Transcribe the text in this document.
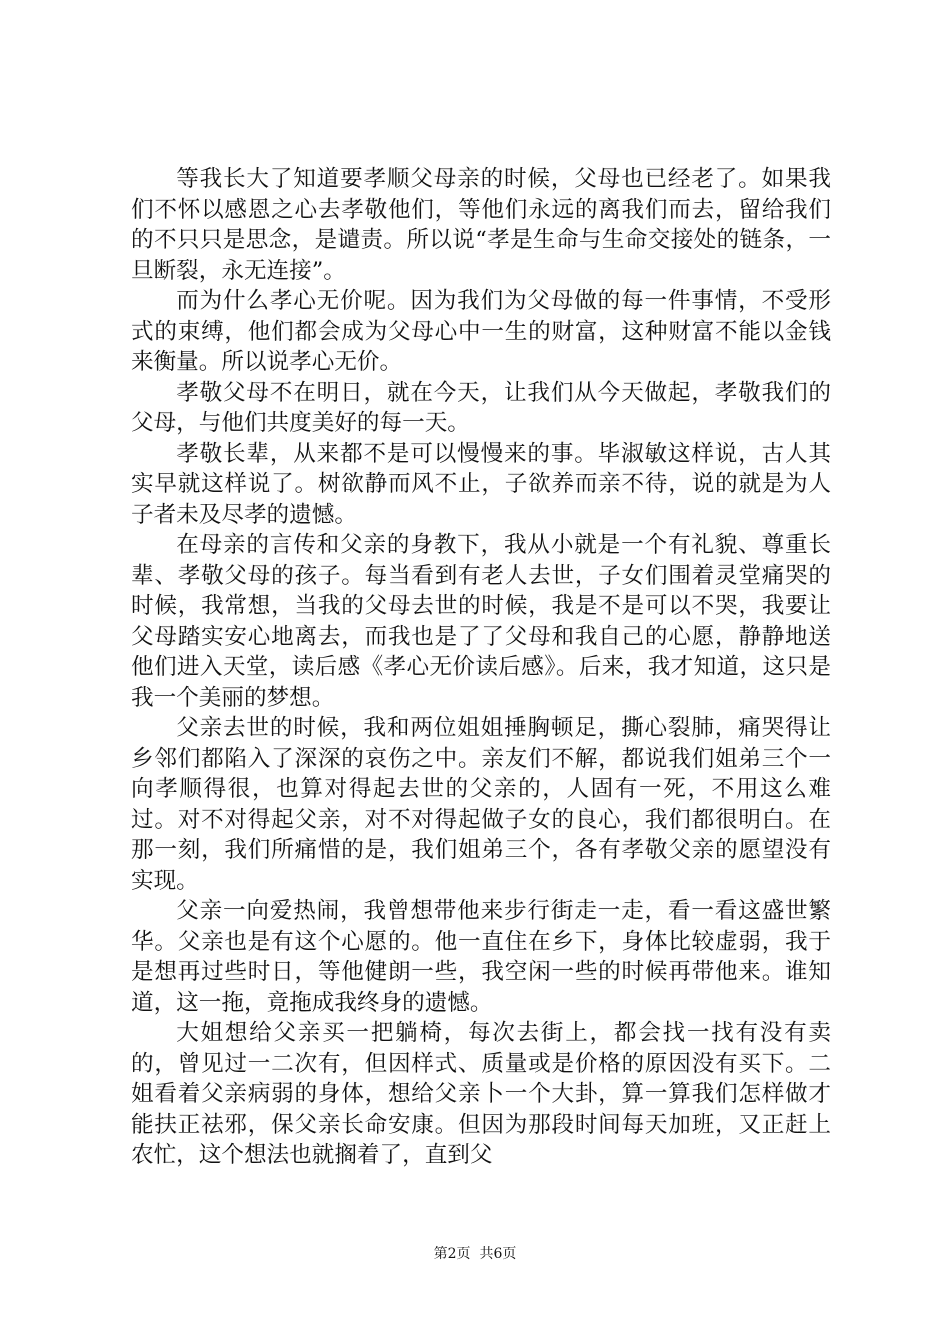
等我长大了知道要孝顺父母亲的时候，父母也已经老了。如果我们不怀以感恩之心去孝敬他们，等他们永远的离我们而去，留给我们的不只只是思念，是谴责。所以说“孝是生命与生命交接处的链条，一旦断裂，永无连接”。

而为什么孝心无价呢。因为我们为父母做的每一件事情，不受形式的束缚，他们都会成为父母心中一生的财富，这种财富不能以金钱来衡量。所以说孝心无价。

孝敬父母不在明日，就在今天，让我们从今天做起，孝敬我们的父母，与他们共度美好的每一天。

孝敬长辈，从来都不是可以慢慢来的事。毕淑敏这样说，古人其实早就这样说了。树欲静而风不止，子欲养而亲不待，说的就是为人子者未及尽孝的遗憾。

在母亲的言传和父亲的身教下，我从小就是一个有礼貌、尊重长辈、孝敬父母的孩子。每当看到有老人去世，子女们围着灵堂痛哭的时候，我常想，当我的父母去世的时候，我是不是可以不哭，我要让父母踏实安心地离去，而我也是了了父母和我自己的心愿，静静地送他们进入天堂，读后感《孝心无价读后感》。后来，我才知道，这只是我一个美丽的梦想。

父亲去世的时候，我和两位姐姐捶胸顿足，撕心裂肺，痛哭得让乡邻们都陷入了深深的哀伤之中。亲友们不解，都说我们姐弟三个一向孝顺得很，也算对得起去世的父亲的，人固有一死，不用这么难过。对不对得起父亲，对不对得起做子女的良心，我们都很明白。在那一刻，我们所痛惜的是，我们姐弟三个，各有孝敬父亲的愿望没有实现。

父亲一向爱热闹，我曾想带他来步行街走一走，看一看这盛世繁华。父亲也是有这个心愿的。他一直住在乡下，身体比较虚弱，我于是想再过些时日，等他健朗一些，我空闲一些的时候再带他来。谁知道，这一拖，竟拖成我终身的遗憾。

大姐想给父亲买一把躺椅，每次去街上，都会找一找有没有卖的，曾见过一二次有，但因样式、质量或是价格的原因没有买下。二姐看着父亲病弱的身体，想给父亲卜一个大卦，算一算我们怎样做才能扶正祛邪，保父亲长命安康。但因为那段时间每天加班，又正赶上农忙，这个想法也就搁着了，直到父

第2页 共6页
